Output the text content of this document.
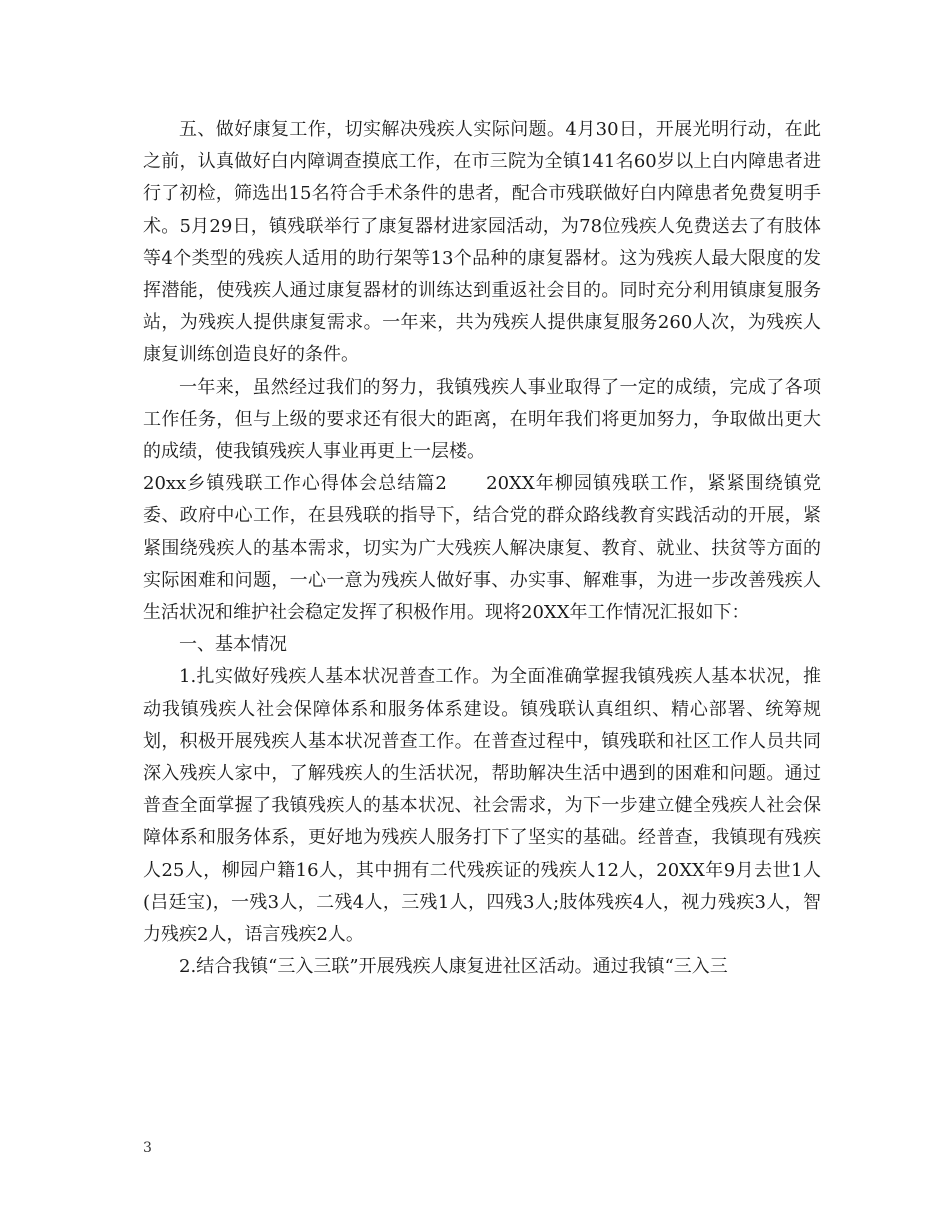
五、做好康复工作，切实解决残疾人实际问题。4月30日，开展光明行动，在此之前，认真做好白内障调查摸底工作，在市三院为全镇141名60岁以上白内障患者进行了初检，筛选出15名符合手术条件的患者，配合市残联做好白内障患者免费复明手术。5月29日，镇残联举行了康复器材进家园活动，为78位残疾人免费送去了有肢体等4个类型的残疾人适用的助行架等13个品种的康复器材。这为残疾人最大限度的发挥潜能，使残疾人通过康复器材的训练达到重返社会目的。同时充分利用镇康复服务站，为残疾人提供康复需求。一年来，共为残疾人提供康复服务260人次，为残疾人康复训练创造良好的条件。

一年来，虽然经过我们的努力，我镇残疾人事业取得了一定的成绩，完成了各项工作任务，但与上级的要求还有很大的距离，在明年我们将更加努力，争取做出更大的成绩，使我镇残疾人事业再更上一层楼。

20xx乡镇残联工作心得体会总结篇2　　20XX年柳园镇残联工作，紧紧围绕镇党委、政府中心工作，在县残联的指导下，结合党的群众路线教育实践活动的开展，紧紧围绕残疾人的基本需求，切实为广大残疾人解决康复、教育、就业、扶贫等方面的实际困难和问题，一心一意为残疾人做好事、办实事、解难事，为进一步改善残疾人生活状况和维护社会稳定发挥了积极作用。现将20XX年工作情况汇报如下：

一、基本情况

1.扎实做好残疾人基本状况普查工作。为全面准确掌握我镇残疾人基本状况，推动我镇残疾人社会保障体系和服务体系建设。镇残联认真组织、精心部署、统筹规划，积极开展残疾人基本状况普查工作。在普查过程中，镇残联和社区工作人员共同深入残疾人家中，了解残疾人的生活状况，帮助解决生活中遇到的困难和问题。通过普查全面掌握了我镇残疾人的基本状况、社会需求，为下一步建立健全残疾人社会保障体系和服务体系，更好地为残疾人服务打下了坚实的基础。经普查，我镇现有残疾人25人，柳园户籍16人，其中拥有二代残疾证的残疾人12人，20XX年9月去世1人(吕廷宝)，一残3人，二残4人，三残1人，四残3人;肢体残疾4人，视力残疾3人，智力残疾2人，语言残疾2人。

2.结合我镇“三入三联”开展残疾人康复进社区活动。通过我镇“三入三

3
